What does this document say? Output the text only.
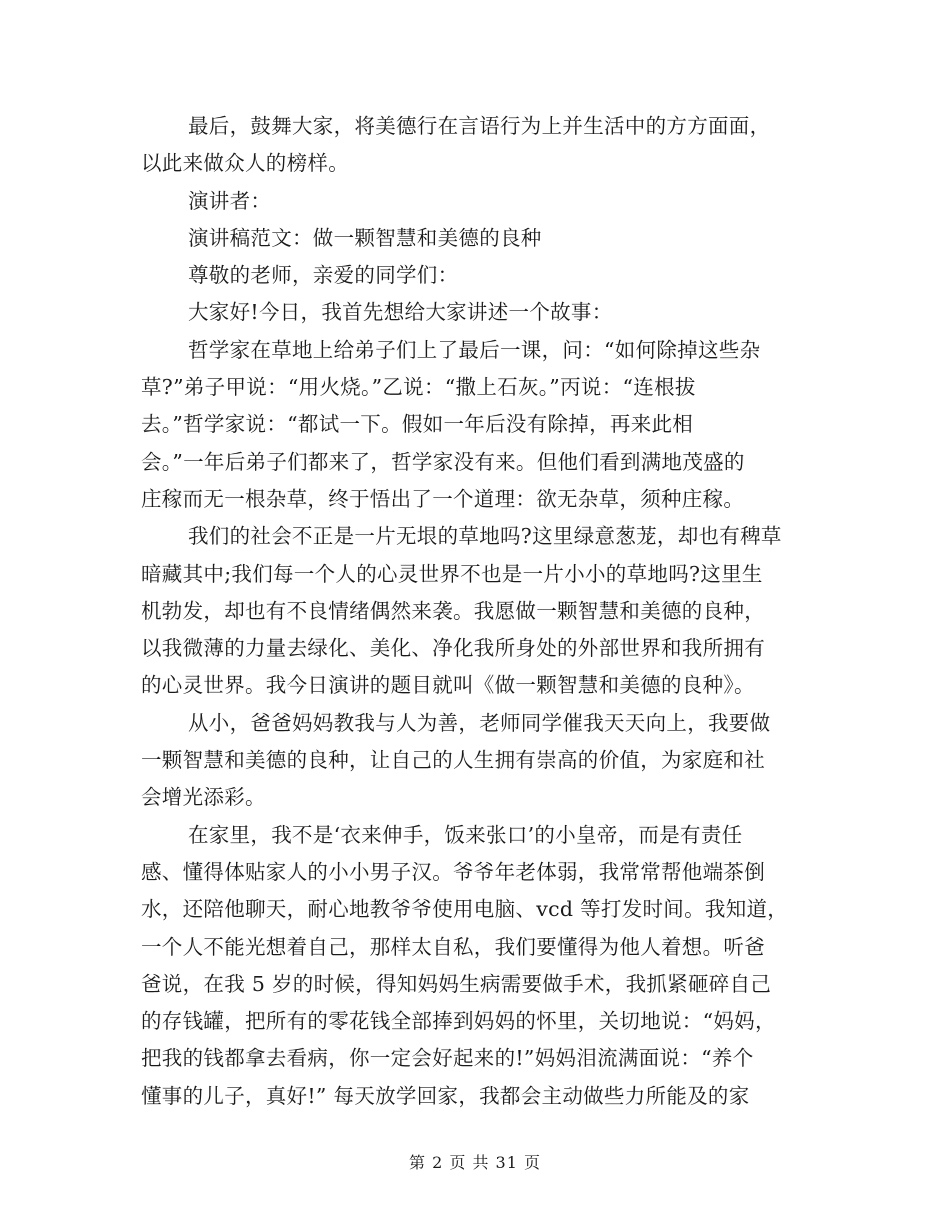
最后，鼓舞大家，将美德行在言语行为上并生活中的方方面面，
以此来做众人的榜样。
演讲者：
演讲稿范文：做一颗智慧和美德的良种
尊敬的老师，亲爱的同学们：
大家好!今日，我首先想给大家讲述一个故事：
哲学家在草地上给弟子们上了最后一课，问：“如何除掉这些杂
草?”弟子甲说：“用火烧。”乙说：“撒上石灰。”丙说：“连根拔
去。”哲学家说：“都试一下。假如一年后没有除掉，再来此相
会。”一年后弟子们都来了，哲学家没有来。但他们看到满地茂盛的
庄稼而无一根杂草，终于悟出了一个道理：欲无杂草，须种庄稼。
我们的社会不正是一片无垠的草地吗?这里绿意葱茏，却也有稗草
暗藏其中;我们每一个人的心灵世界不也是一片小小的草地吗?这里生
机勃发，却也有不良情绪偶然来袭。我愿做一颗智慧和美德的良种，
以我微薄的力量去绿化、美化、净化我所身处的外部世界和我所拥有
的心灵世界。我今日演讲的题目就叫《做一颗智慧和美德的良种》。
从小，爸爸妈妈教我与人为善，老师同学催我天天向上，我要做
一颗智慧和美德的良种，让自己的人生拥有崇高的价值，为家庭和社
会增光添彩。
在家里，我不是‘衣来伸手，饭来张口’的小皇帝，而是有责任
感、懂得体贴家人的小小男子汉。爷爷年老体弱，我常常帮他端茶倒
水，还陪他聊天，耐心地教爷爷使用电脑、vcd 等打发时间。我知道，
一个人不能光想着自己，那样太自私，我们要懂得为他人着想。听爸
爸说，在我 5 岁的时候，得知妈妈生病需要做手术，我抓紧砸碎自己
的存钱罐，把所有的零花钱全部捧到妈妈的怀里，关切地说：“妈妈，
把我的钱都拿去看病，你一定会好起来的!”妈妈泪流满面说：“养个
懂事的儿子，真好!” 每天放学回家，我都会主动做些力所能及的家
第 2 页 共 31 页
